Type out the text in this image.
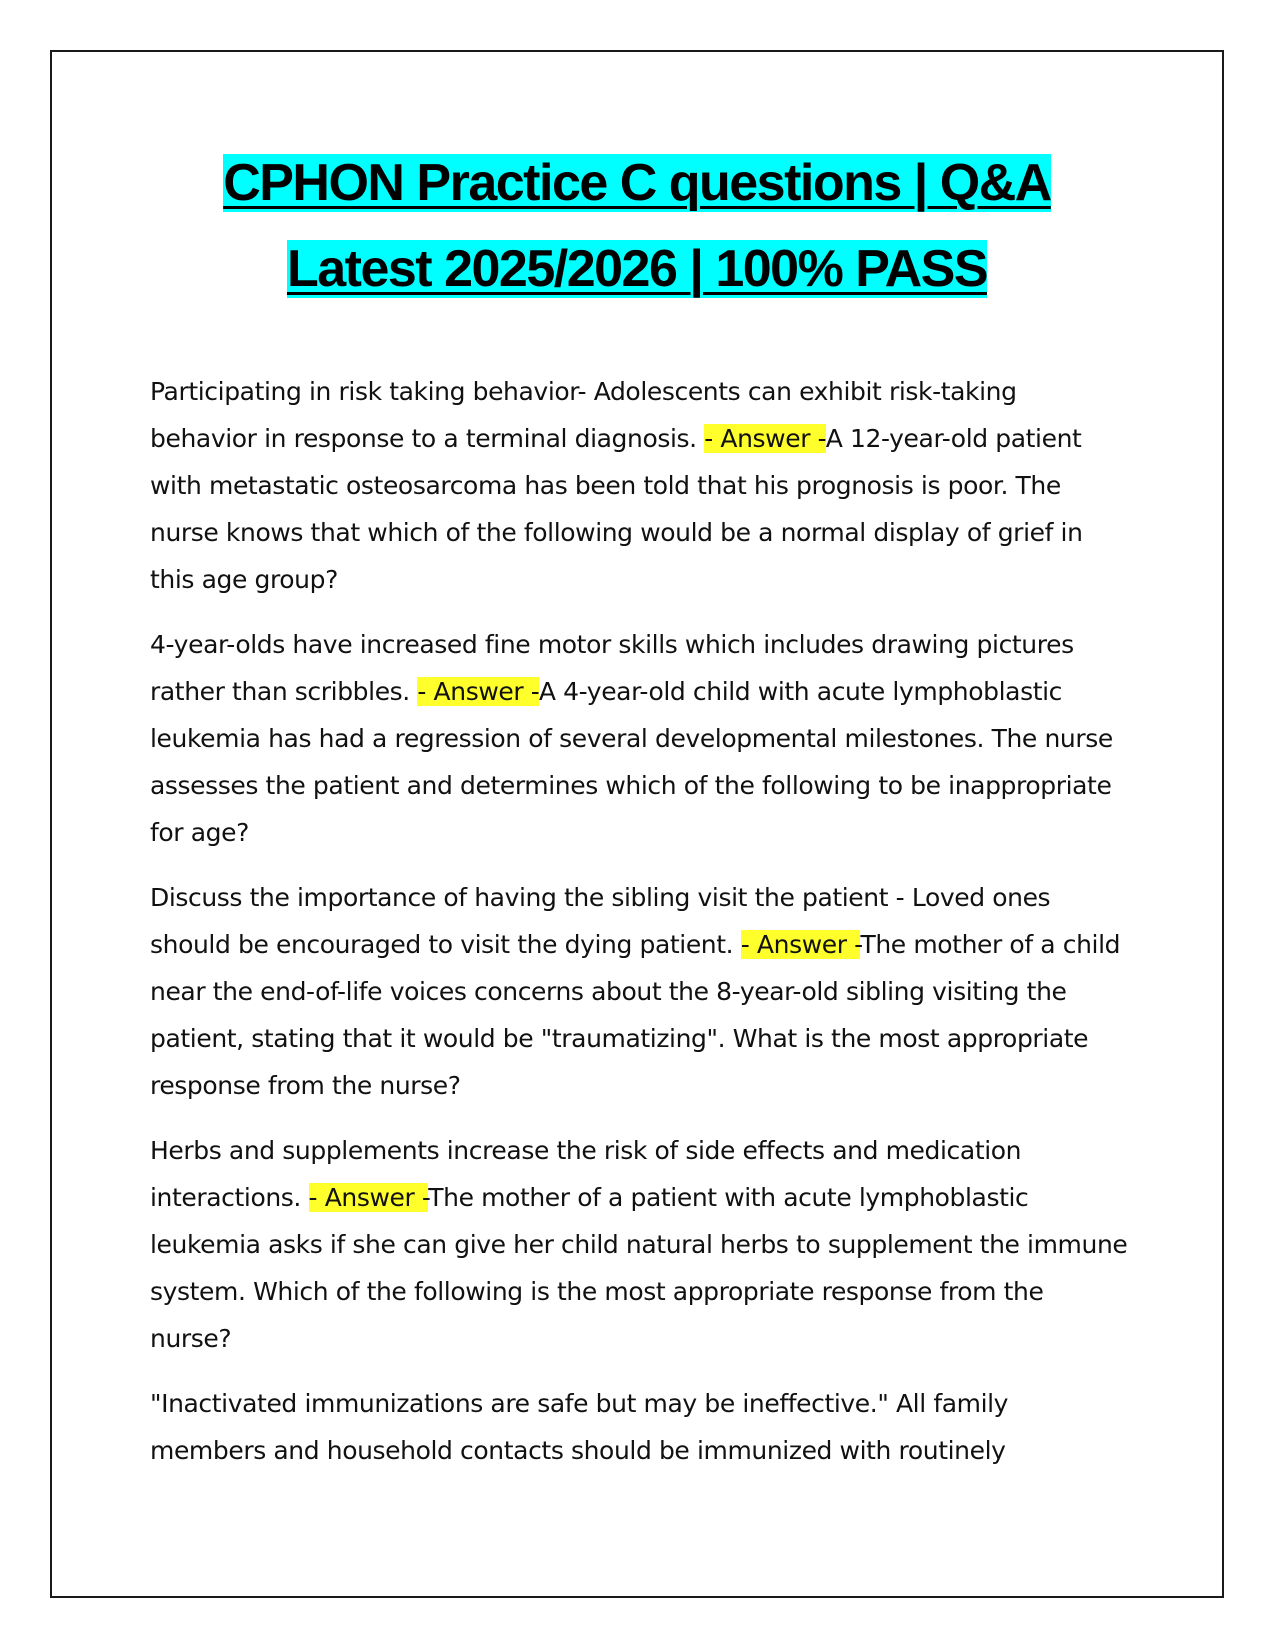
CPHON Practice C questions | Q&A
Latest 2025/2026 | 100% PASS

Participating in risk taking behavior- Adolescents can exhibit risk-taking behavior in response to a terminal diagnosis. - Answer -A 12-year-old patient with metastatic osteosarcoma has been told that his prognosis is poor. The nurse knows that which of the following would be a normal display of grief in this age group?

4-year-olds have increased fine motor skills which includes drawing pictures rather than scribbles. - Answer -A 4-year-old child with acute lymphoblastic leukemia has had a regression of several developmental milestones. The nurse assesses the patient and determines which of the following to be inappropriate for age?

Discuss the importance of having the sibling visit the patient - Loved ones should be encouraged to visit the dying patient. - Answer -The mother of a child near the end-of-life voices concerns about the 8-year-old sibling visiting the patient, stating that it would be "traumatizing". What is the most appropriate response from the nurse?

Herbs and supplements increase the risk of side effects and medication interactions. - Answer -The mother of a patient with acute lymphoblastic leukemia asks if she can give her child natural herbs to supplement the immune system. Which of the following is the most appropriate response from the nurse?

"Inactivated immunizations are safe but may be ineffective." All family members and household contacts should be immunized with routinely
